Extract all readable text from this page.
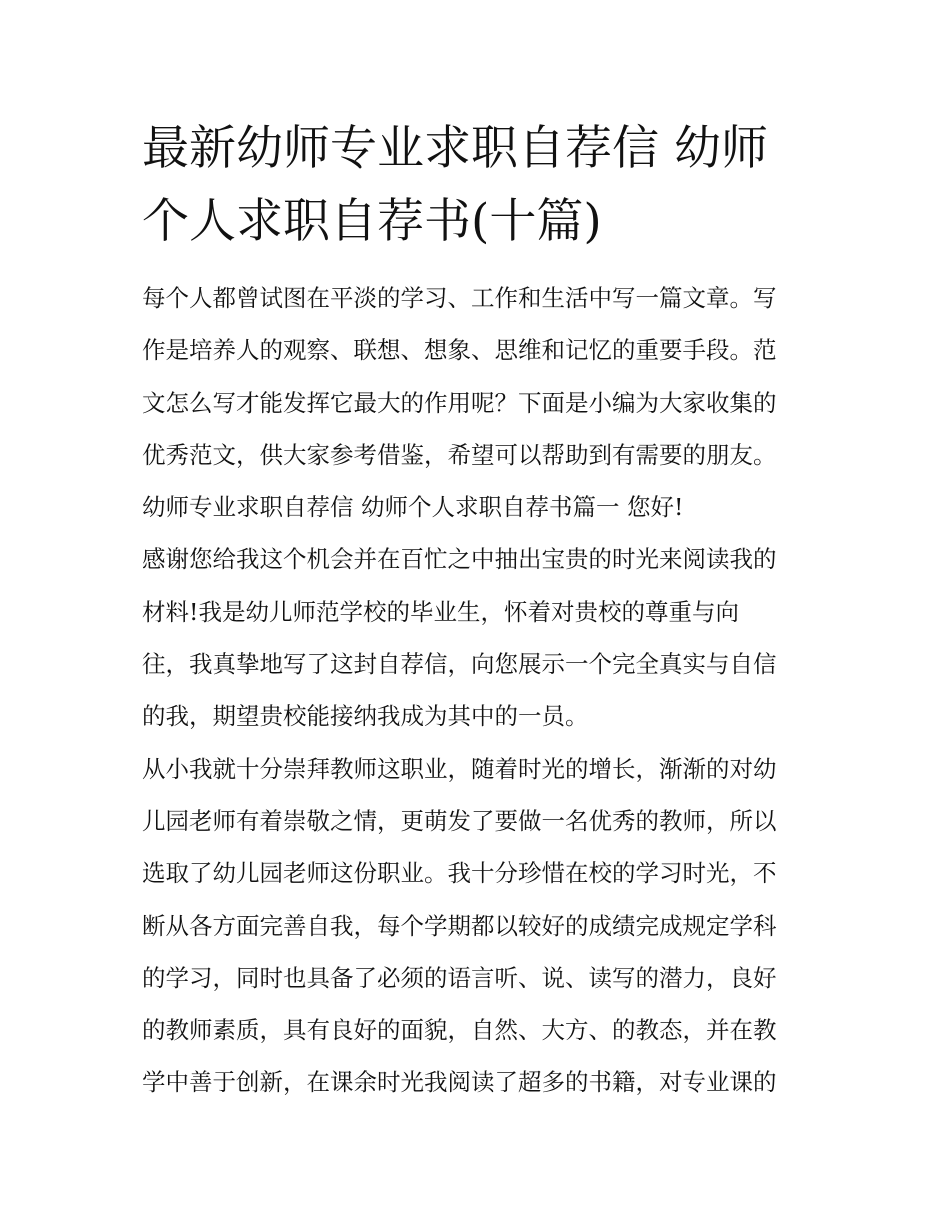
最新幼师专业求职自荐信 幼师
个人求职自荐书(十篇)
每个人都曾试图在平淡的学习、工作和生活中写一篇文章。写
作是培养人的观察、联想、想象、思维和记忆的重要手段。范
文怎么写才能发挥它最大的作用呢？下面是小编为大家收集的
优秀范文，供大家参考借鉴，希望可以帮助到有需要的朋友。
幼师专业求职自荐信 幼师个人求职自荐书篇一 您好!
感谢您给我这个机会并在百忙之中抽出宝贵的时光来阅读我的
材料!我是幼儿师范学校的毕业生，怀着对贵校的尊重与向
往，我真挚地写了这封自荐信，向您展示一个完全真实与自信
的我，期望贵校能接纳我成为其中的一员。
从小我就十分崇拜教师这职业，随着时光的增长，渐渐的对幼
儿园老师有着崇敬之情，更萌发了要做一名优秀的教师，所以
选取了幼儿园老师这份职业。我十分珍惜在校的学习时光，不
断从各方面完善自我，每个学期都以较好的成绩完成规定学科
的学习，同时也具备了必须的语言听、说、读写的潜力，良好
的教师素质，具有良好的面貌，自然、大方、的教态，并在教
学中善于创新，在课余时光我阅读了超多的书籍，对专业课的
